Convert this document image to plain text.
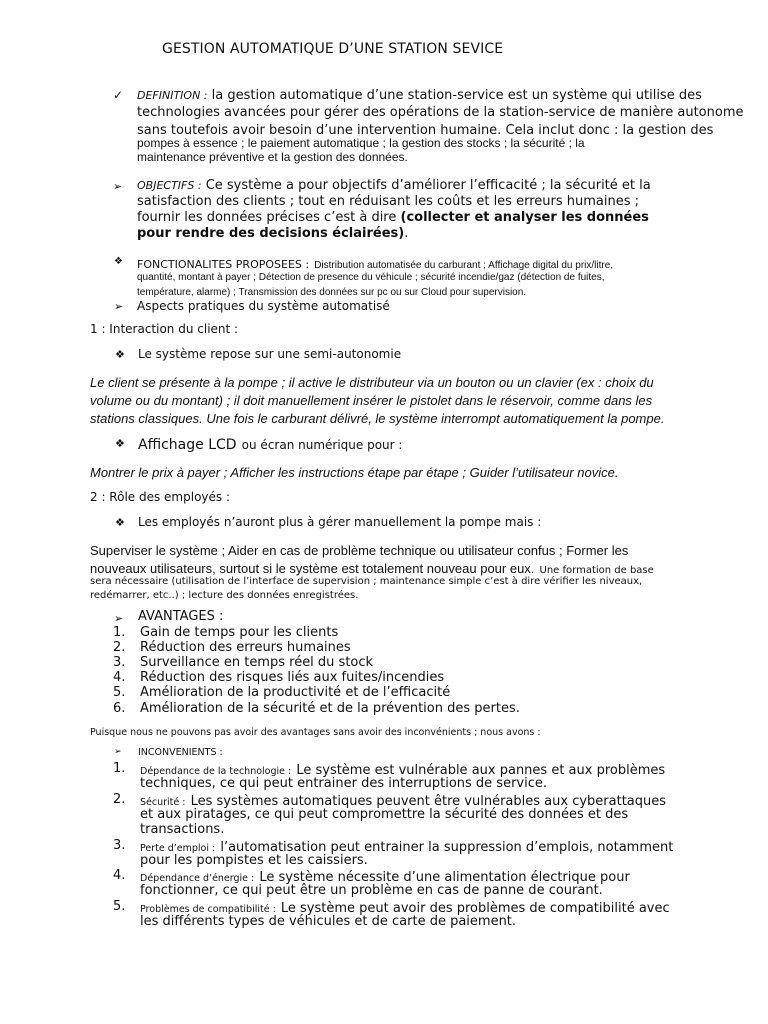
GESTION AUTOMATIQUE D’UNE STATION SEVICE
✓ DEFINITION : la gestion automatique d’une station-service est un système qui utilise des
technologies avancées pour gérer des opérations de la station-service de manière autonome
sans toutefois avoir besoin d’une intervention humaine. Cela inclut donc : la gestion des
pompes à essence ; le paiement automatique ; la gestion des stocks ; la sécurité ; la
maintenance préventive et la gestion des données.
➢ OBJECTIFS : Ce système a pour objectifs d’améliorer l’efficacité ; la sécurité et la
satisfaction des clients ; tout en réduisant les coûts et les erreurs humaines ;
fournir les données précises c’est à dire (collecter et analyser les données
pour rendre des decisions éclairées).
❖ FONCTIONALITES PROPOSEES : Distribution automatisée du carburant ; Affichage digital du prix/litre,
quantité, montant à payer ; Détection de presence du véhicule ; sécurité incendie/gaz (détection de fuites,
température, alarme) ; Transmission des données sur pc ou sur Cloud pour supervision.
➢ Aspects pratiques du système automatisé
1 : Interaction du client :
❖ Le système repose sur une semi-autonomie
Le client se présente à la pompe ; il active le distributeur via un bouton ou un clavier (ex : choix du
volume ou du montant) ; il doit manuellement insérer le pistolet dans le réservoir, comme dans les
stations classiques. Une fois le carburant délivré, le système interrompt automatiquement la pompe.
❖ Affichage LCD ou écran numérique pour :
Montrer le prix à payer ; Afficher les instructions étape par étape ; Guider l’utilisateur novice.
2 : Rôle des employés :
❖ Les employés n’auront plus à gérer manuellement la pompe mais :
Superviser le système ; Aider en cas de problème technique ou utilisateur confus ; Former les
nouveaux utilisateurs, surtout si le système est totalement nouveau pour eux. Une formation de base
sera nécessaire (utilisation de l’interface de supervision ; maintenance simple c’est à dire vérifier les niveaux,
redémarrer, etc..) ; lecture des données enregistrées.
➢ AVANTAGES :
1.	Gain de temps pour les clients
2.	Réduction des erreurs humaines
3.	Surveillance en temps réel du stock
4.	Réduction des risques liés aux fuites/incendies
5.	Amélioration de la productivité et de l’efficacité
6.	Amélioration de la sécurité et de la prévention des pertes.
Puisque nous ne pouvons pas avoir des avantages sans avoir des inconvénients ; nous avons :
➢ INCONVENIENTS :
1.	Dépendance de la technologie : Le système est vulnérable aux pannes et aux problèmes
techniques, ce qui peut entrainer des interruptions de service.
2.	Sécurité : Les systèmes automatiques peuvent être vulnérables aux cyberattaques
et aux piratages, ce qui peut compromettre la sécurité des données et des
transactions.
3.	Perte d’emploi : l’automatisation peut entrainer la suppression d’emplois, notamment
pour les pompistes et les caissiers.
4.	Dépendance d’énergie : Le système nécessite d’une alimentation électrique pour
fonctionner, ce qui peut être un problème en cas de panne de courant.
5.	Problèmes de compatibilité : Le système peut avoir des problèmes de compatibilité avec
les différents types de véhicules et de carte de paiement.
